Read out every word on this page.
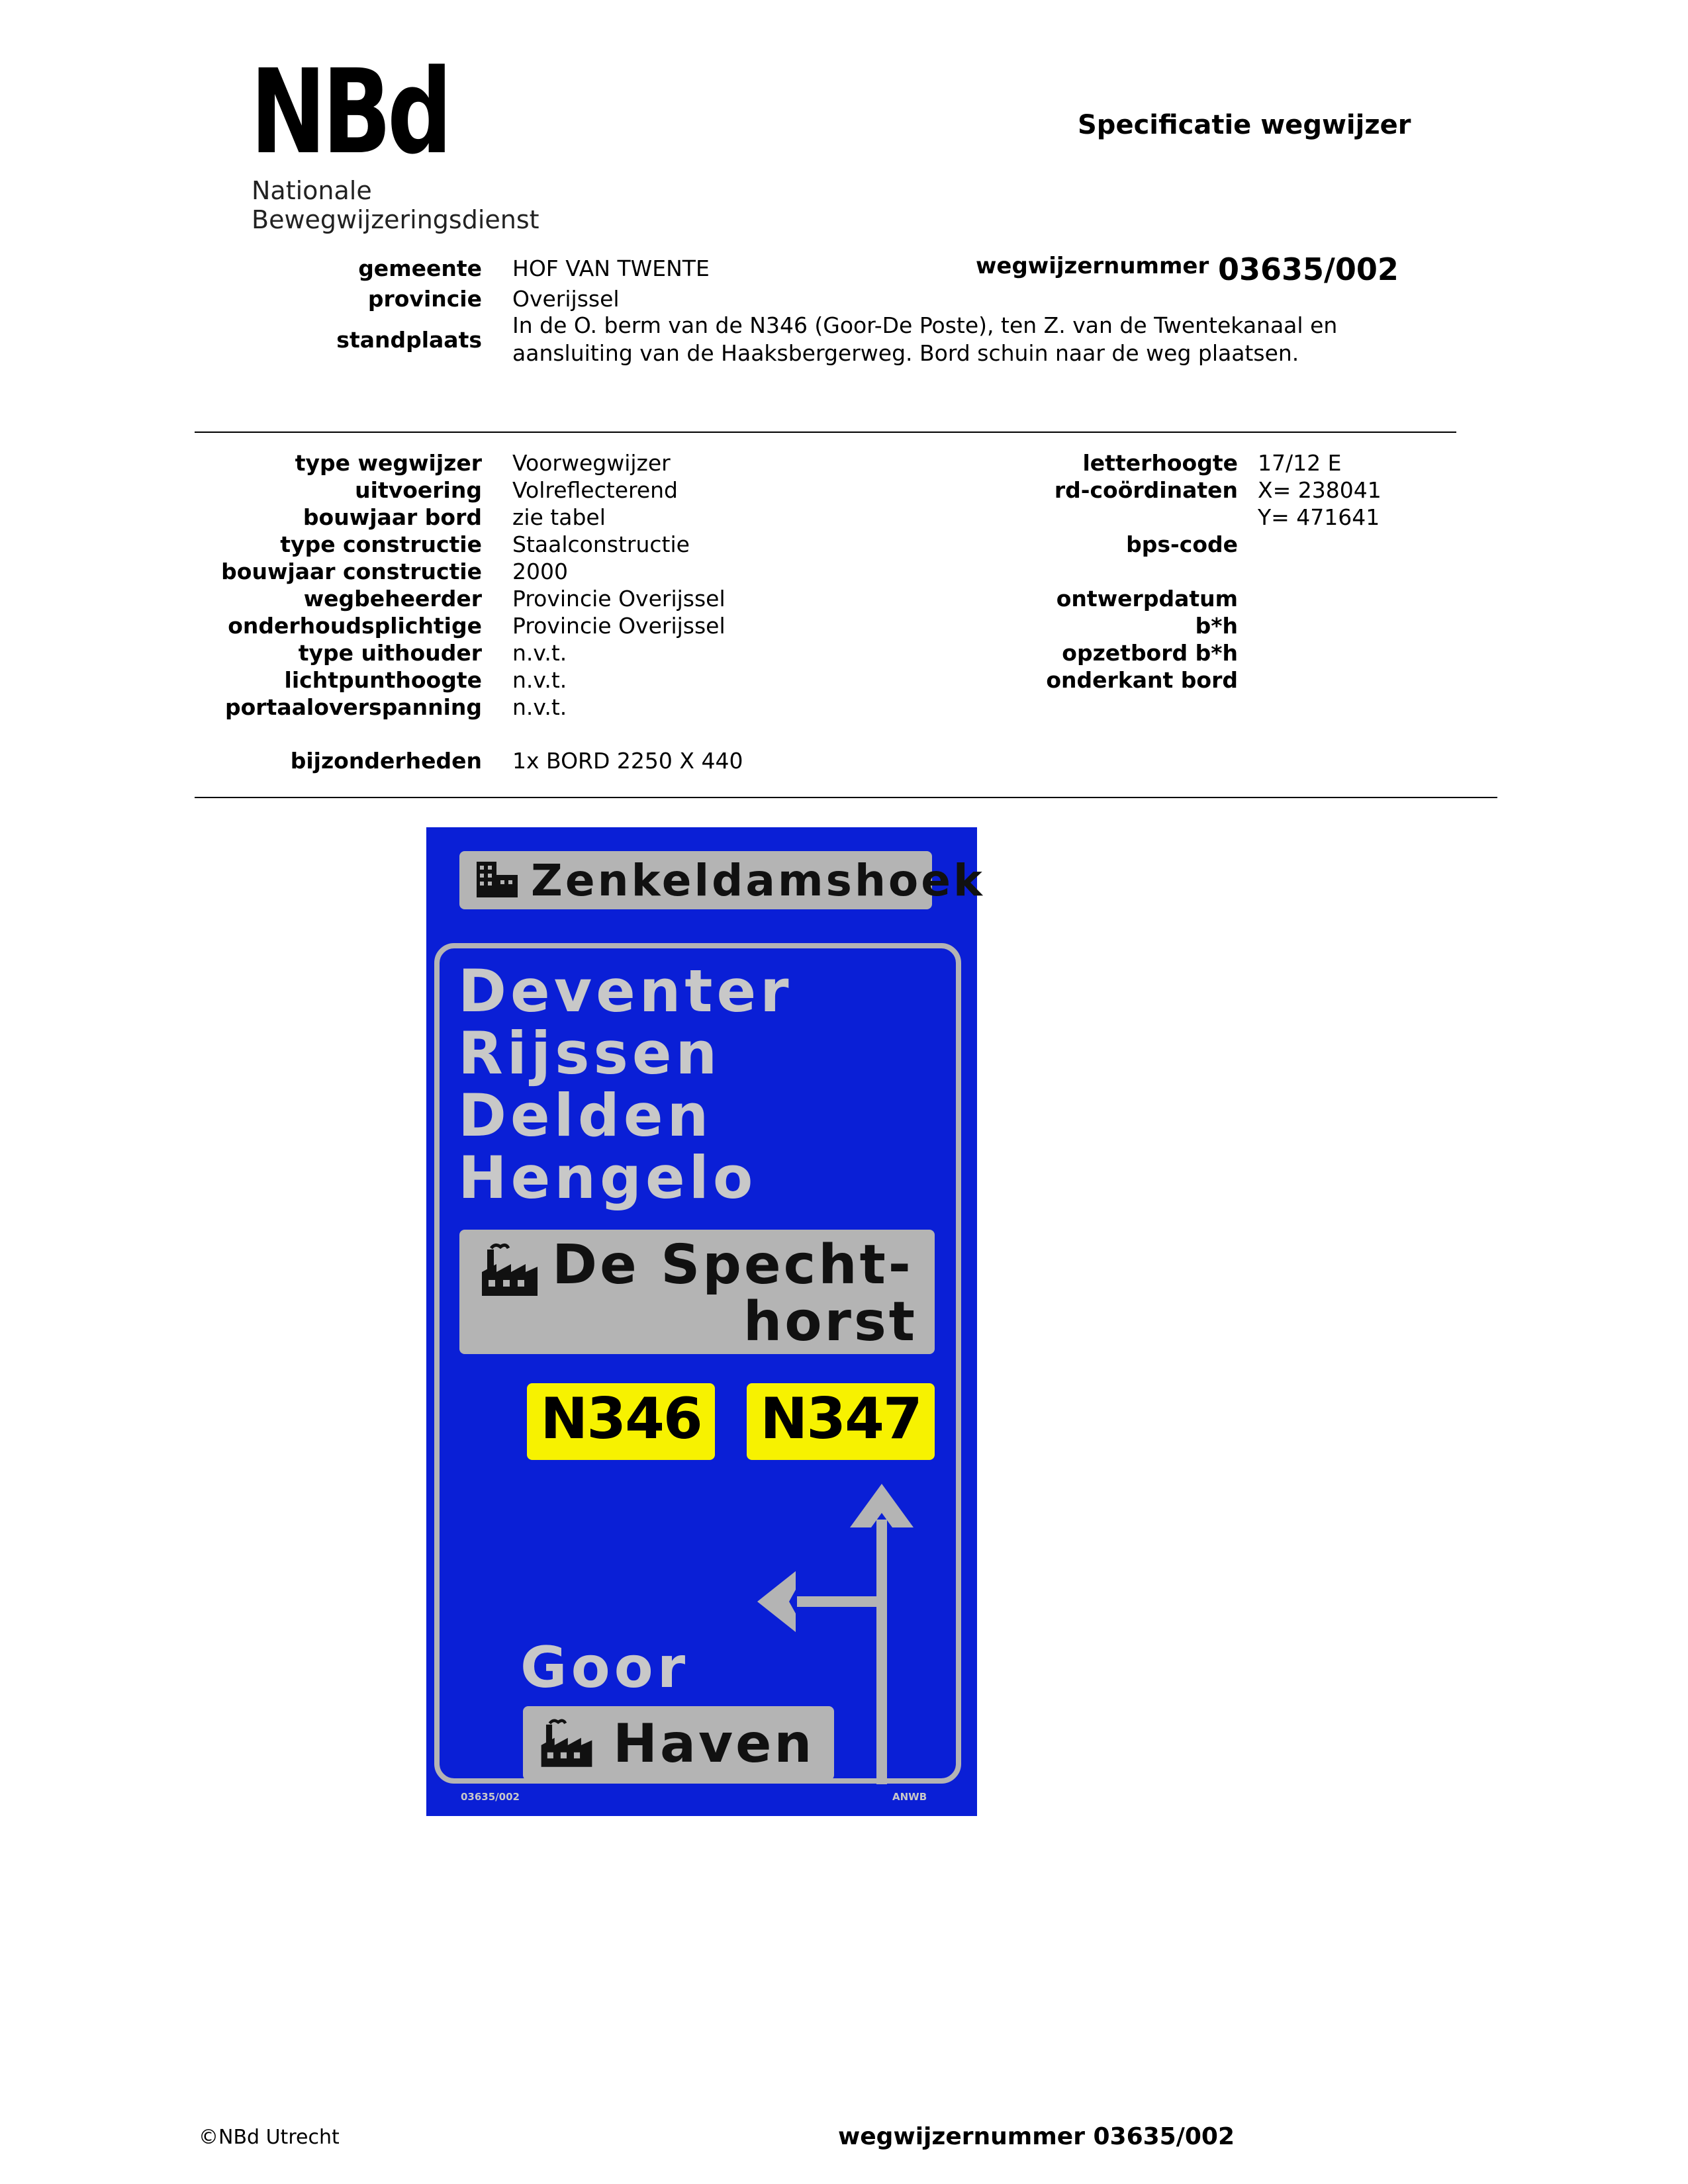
NBd
Nationale
Bewegwijzeringsdienst
Specificatie wegwijzer
gemeente HOF VAN TWENTE	wegwijzernummer 03635/002
provincie Overijssel
standplaats
In de O. berm van de N346 (Goor-De Poste), ten Z. van de Twentekanaal en
aansluiting van de Haaksbergerweg. Bord schuin naar de weg plaatsen.
type wegwijzer Voorwegwijzer
uitvoering Volreflecterend
bouwjaar bord zie tabel
type constructie Staalconstructie
bouwjaar constructie 2000
wegbeheerder Provincie Overijssel
onderhoudsplichtige Provincie Overijssel
type uithouder n.v.t.
lichtpunthoogte n.v.t.
portaaloverspanning n.v.t.
letterhoogte 17/12 E
rd-coördinaten X= 238041
Y= 471641
bps-code
ontwerpdatum
b*h
opzetbord b*h
onderkant bord
bijzonderheden 1x BORD 2250 X 440
Zenkeldamshoek
Deventer
Rijssen
Delden
Hengelo
De Specht-
horst
N346 N347
Goor
Haven
03635/002	ANWB
©NBd Utrecht	wegwijzernummer 03635/002
